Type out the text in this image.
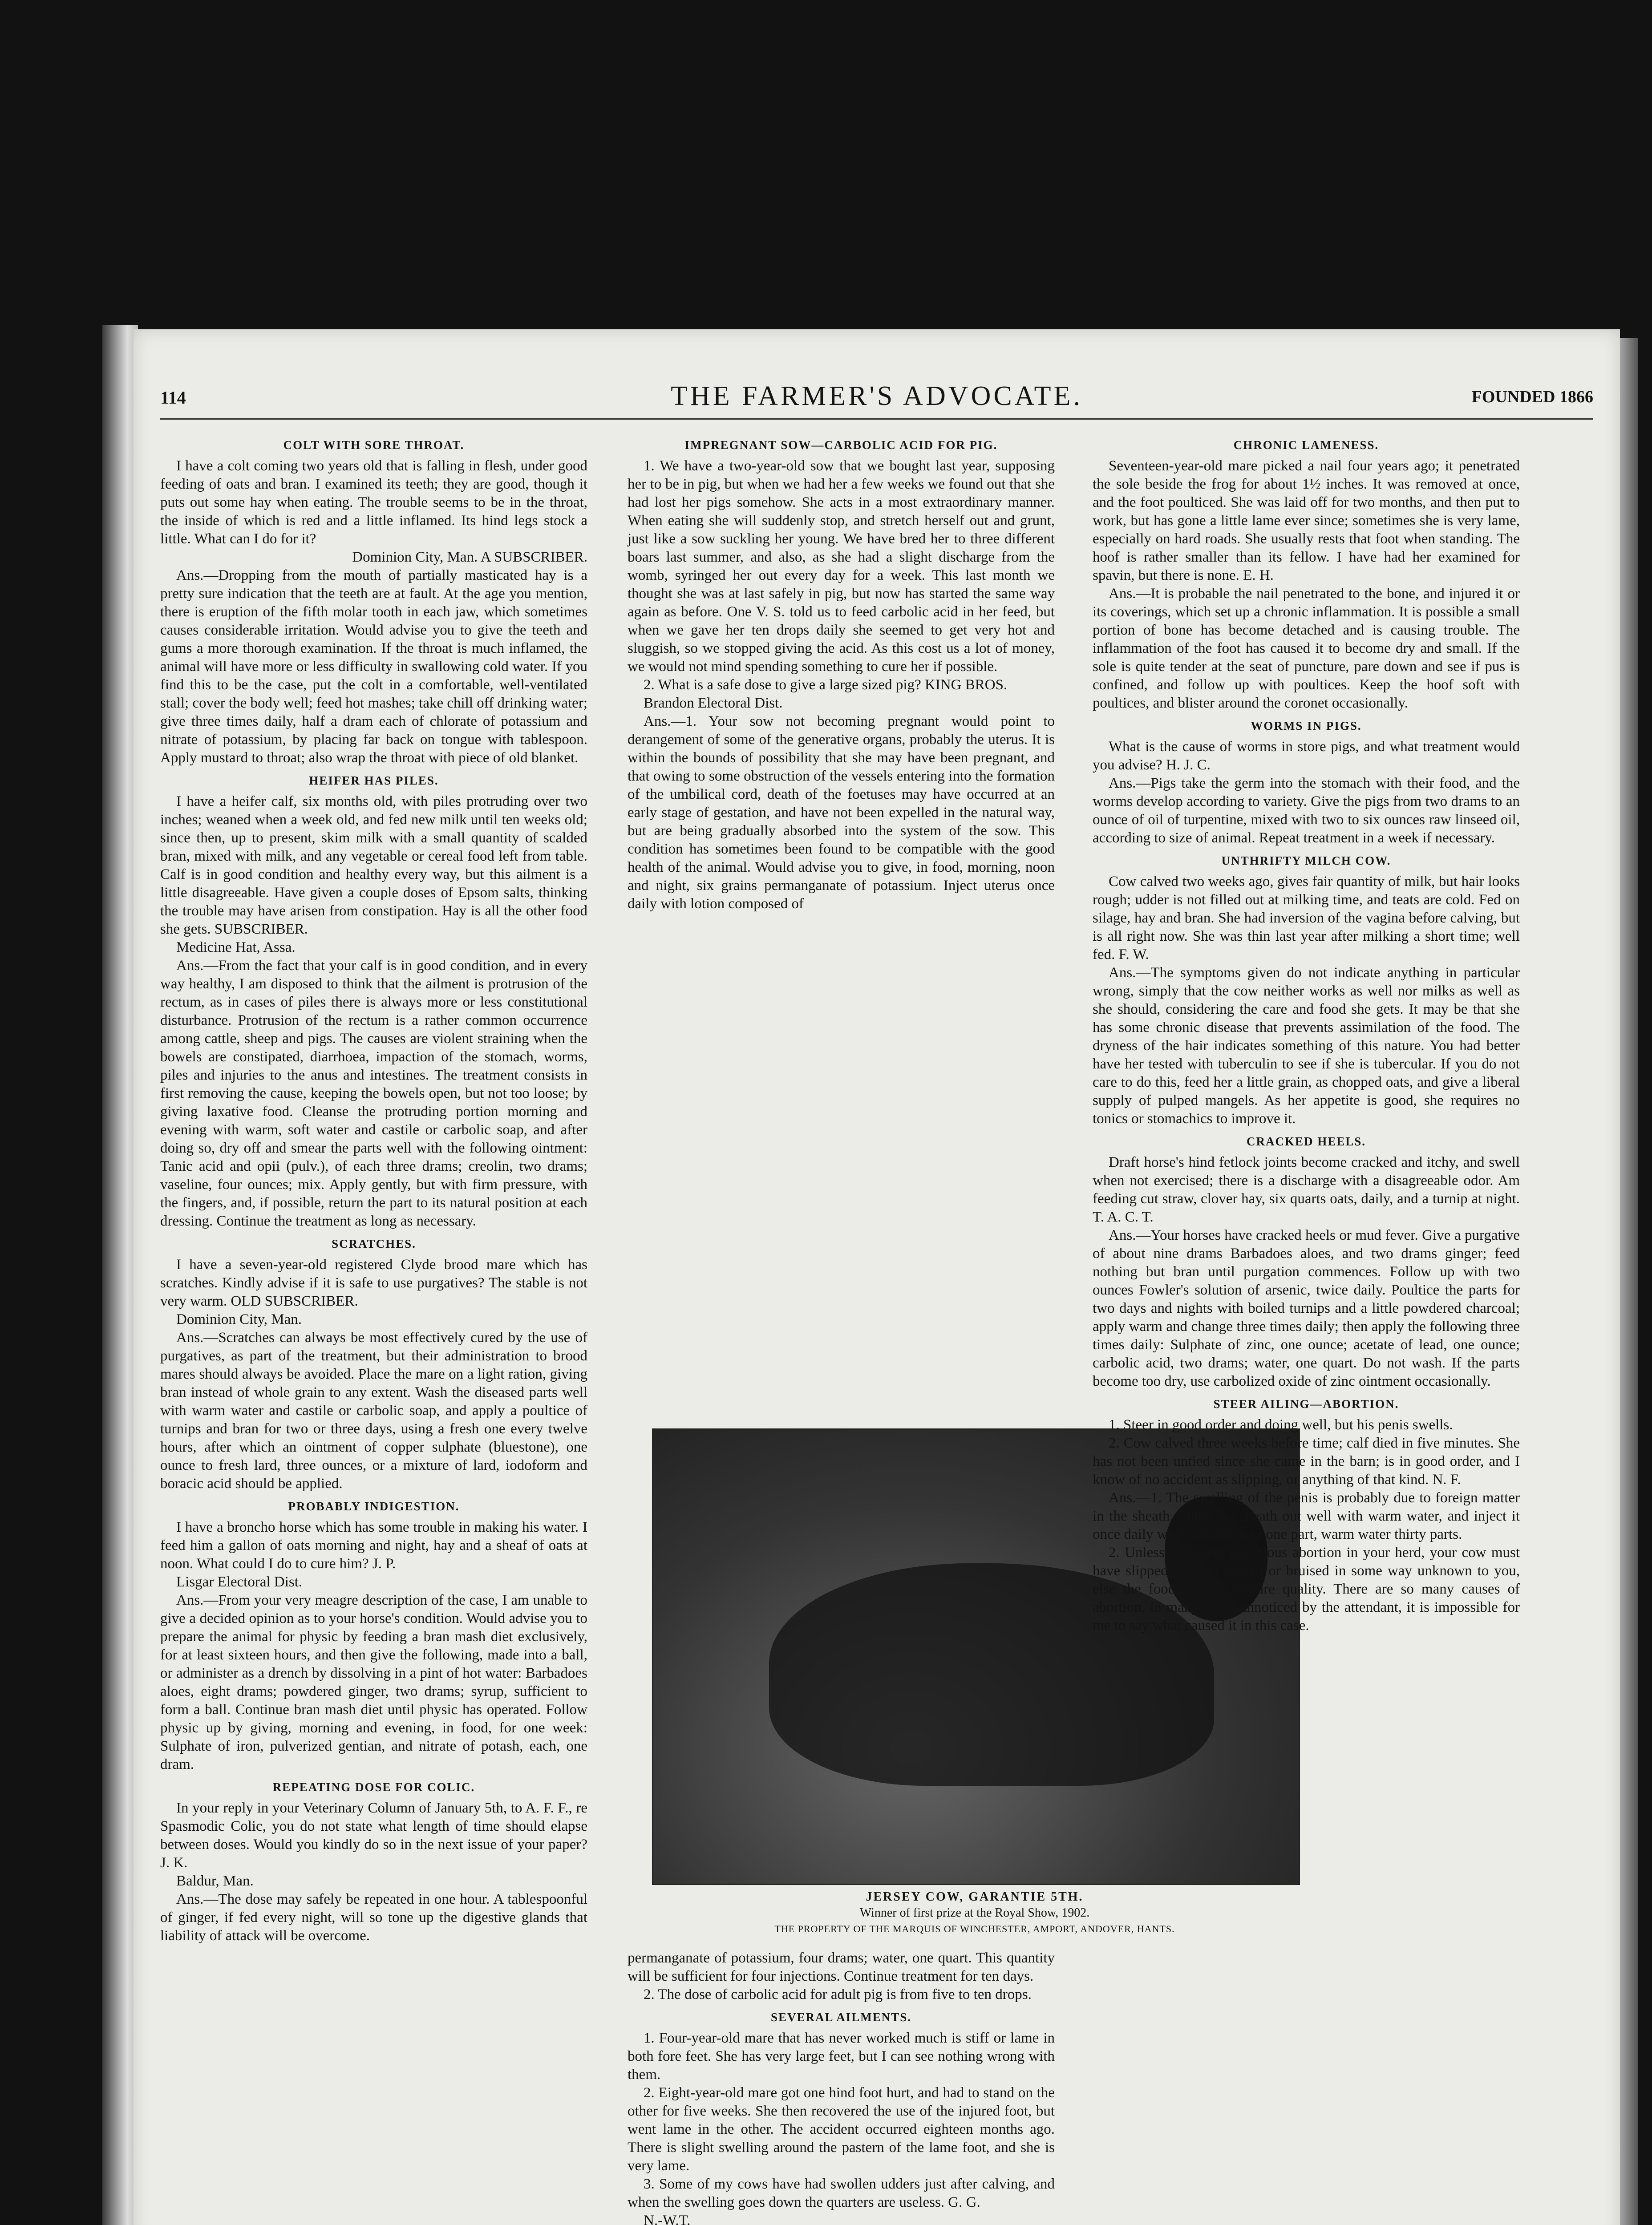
114	THE FARMER'S ADVOCATE.	FOUNDED 1866
COLT WITH SORE THROAT.

I have a colt coming two years old that is falling in flesh, under good feeding of oats and bran. I examined its teeth; they are good, though it puts out some hay when eating. The trouble seems to be in the throat, the inside of which is red and a little inflamed. Its hind legs stock a little. What can I do for it?

Dominion City, Man. A SUBSCRIBER.

Ans.—Dropping from the mouth of partially masticated hay is a pretty sure indication that the teeth are at fault. At the age you mention, there is eruption of the fifth molar tooth in each jaw, which sometimes causes considerable irritation. Would advise you to give the teeth and gums a more thorough examination. If the throat is much inflamed, the animal will have more or less difficulty in swallowing cold water. If you find this to be the case, put the colt in a comfortable, well-ventilated stall; cover the body well; feed hot mashes; take chill off drinking water; give three times daily, half a dram each of chlorate of potassium and nitrate of potassium, by placing far back on tongue with tablespoon. Apply mustard to throat; also wrap the throat with piece of old blanket.

HEIFER HAS PILES.

I have a heifer calf, six months old, with piles protruding over two inches; weaned when a week old, and fed new milk until ten weeks old; since then, up to present, skim milk with a small quantity of scalded bran, mixed with milk, and any vegetable or cereal food left from table. Calf is in good condition and healthy every way, but this ailment is a little disagreeable. Have given a couple doses of Epsom salts, thinking the trouble may have arisen from constipation. Hay is all the other food she gets. SUBSCRIBER.

Medicine Hat, Assa.

Ans.—From the fact that your calf is in good condition, and in every way healthy, I am disposed to think that the ailment is protrusion of the rectum, as in cases of piles there is always more or less constitutional disturbance. Protrusion of the rectum is a rather common occurrence among cattle, sheep and pigs. The causes are violent straining when the bowels are constipated, diarrhoea, impaction of the stomach, worms, piles and injuries to the anus and intestines. The treatment consists in first removing the cause, keeping the bowels open, but not too loose; by giving laxative food. Cleanse the protruding portion morning and evening with warm, soft water and castile or carbolic soap, and after doing so, dry off and smear the parts well with the following ointment: Tanic acid and opii (pulv.), of each three drams; creolin, two drams; vaseline, four ounces; mix. Apply gently, but with firm pressure, with the fingers, and, if possible, return the part to its natural position at each dressing. Continue the treatment as long as necessary.

SCRATCHES.

I have a seven-year-old registered Clyde brood mare which has scratches. Kindly advise if it is safe to use purgatives? The stable is not very warm. OLD SUBSCRIBER.

Dominion City, Man.

Ans.—Scratches can always be most effectively cured by the use of purgatives, as part of the treatment, but their administration to brood mares should always be avoided. Place the mare on a light ration, giving bran instead of whole grain to any extent. Wash the diseased parts well with warm water and castile or carbolic soap, and apply a poultice of turnips and bran for two or three days, using a fresh one every twelve hours, after which an ointment of copper sulphate (bluestone), one ounce to fresh lard, three ounces, or a mixture of lard, iodoform and boracic acid should be applied.

PROBABLY INDIGESTION.

I have a broncho horse which has some trouble in making his water. I feed him a gallon of oats morning and night, hay and a sheaf of oats at noon. What could I do to cure him? J. P.

Lisgar Electoral Dist.

Ans.—From your very meagre description of the case, I am unable to give a decided opinion as to your horse's condition. Would advise you to prepare the animal for physic by feeding a bran mash diet exclusively, for at least sixteen hours, and then give the following, made into a ball, or administer as a drench by dissolving in a pint of hot water: Barbadoes aloes, eight drams; powdered ginger, two drams; syrup, sufficient to form a ball. Continue bran mash diet until physic has operated. Follow physic up by giving, morning and evening, in food, for one week: Sulphate of iron, pulverized gentian, and nitrate of potash, each, one dram.

REPEATING DOSE FOR COLIC.

In your reply in your Veterinary Column of January 5th, to A. F. F., re Spasmodic Colic, you do not state what length of time should elapse between doses. Would you kindly do so in the next issue of your paper? J. K.

Baldur, Man.

Ans.—The dose may safely be repeated in one hour. A tablespoonful of ginger, if fed every night, will so tone up the digestive glands that liability of attack will be overcome.

IMPREGNANT SOW—CARBOLIC ACID FOR PIG.

1. We have a two-year-old sow that we bought last year, supposing her to be in pig, but when we had her a few weeks we found out that she had lost her pigs somehow. She acts in a most extraordinary manner. When eating she will suddenly stop, and stretch herself out and grunt, just like a sow suckling her young. We have bred her to three different boars last summer, and also, as she had a slight discharge from the womb, syringed her out every day for a week. This last month we thought she was at last safely in pig, but now has started the same way again as before. One V. S. told us to feed carbolic acid in her feed, but when we gave her ten drops daily she seemed to get very hot and sluggish, so we stopped giving the acid. As this cost us a lot of money, we would not mind spending something to cure her if possible.

2. What is a safe dose to give a large sized pig? KING BROS.

Brandon Electoral Dist.

Ans.—1. Your sow not becoming pregnant would point to derangement of some of the generative organs, probably the uterus. It is within the bounds of possibility that she may have been pregnant, and that owing to some obstruction of the vessels entering into the formation of the umbilical cord, death of the foetuses may have occurred at an early stage of gestation, and have not been expelled in the natural way, but are being gradually absorbed into the system of the sow. This condition has sometimes been found to be compatible with the good health of the animal. Would advise you to give, in food, morning, noon and night, six grains permanganate of potassium. Inject uterus once daily with lotion composed of

JERSEY COW, GARANTIE 5TH.
Winner of first prize at the Royal Show, 1902.
THE PROPERTY OF THE MARQUIS OF WINCHESTER, AMPORT, ANDOVER, HANTS.

permanganate of potassium, four drams; water, one quart. This quantity will be sufficient for four injections. Continue treatment for ten days.

2. The dose of carbolic acid for adult pig is from five to ten drops.

SEVERAL AILMENTS.

1. Four-year-old mare that has never worked much is stiff or lame in both fore feet. She has very large feet, but I can see nothing wrong with them.

2. Eight-year-old mare got one hind foot hurt, and had to stand on the other for five weeks. She then recovered the use of the injured foot, but went lame in the other. The accident occurred eighteen months ago. There is slight swelling around the pastern of the lame foot, and she is very lame.

3. Some of my cows have had swollen udders just after calving, and when the swelling goes down the quarters are useless. G. G.

N.-W.T.

CHRONIC LAMENESS.

Seventeen-year-old mare picked a nail four years ago; it penetrated the sole beside the frog for about 1½ inches. It was removed at once, and the foot poulticed. She was laid off for two months, and then put to work, but has gone a little lame ever since; sometimes she is very lame, especially on hard roads. She usually rests that foot when standing. The hoof is rather smaller than its fellow. I have had her examined for spavin, but there is none. E. H.

Ans.—It is probable the nail penetrated to the bone, and injured it or its coverings, which set up a chronic inflammation. It is possible a small portion of bone has become detached and is causing trouble. The inflammation of the foot has caused it to become dry and small. If the sole is quite tender at the seat of puncture, pare down and see if pus is confined, and follow up with poultices. Keep the hoof soft with poultices, and blister around the coronet occasionally.

WORMS IN PIGS.

What is the cause of worms in store pigs, and what treatment would you advise? H. J. C.

Ans.—Pigs take the germ into the stomach with their food, and the worms develop according to variety. Give the pigs from two drams to an ounce of oil of turpentine, mixed with two to six ounces raw linseed oil, according to size of animal. Repeat treatment in a week if necessary.

UNTHRIFTY MILCH COW.

Cow calved two weeks ago, gives fair quantity of milk, but hair looks rough; udder is not filled out at milking time, and teats are cold. Fed on silage, hay and bran. She had inversion of the vagina before calving, but is all right now. She was thin last year after milking a short time; well fed. F. W.

Ans.—The symptoms given do not indicate anything in particular wrong, simply that the cow neither works as well nor milks as well as she should, considering the care and food she gets. It may be that she has some chronic disease that prevents assimilation of the food. The dryness of the hair indicates something of this nature. You had better have her tested with tuberculin to see if she is tubercular. If you do not care to do this, feed her a little grain, as chopped oats, and give a liberal supply of pulped mangels. As her appetite is good, she requires no tonics or stomachics to improve it.

CRACKED HEELS.

Draft horse's hind fetlock joints become cracked and itchy, and swell when not exercised; there is a discharge with a disagreeable odor. Am feeding cut straw, clover hay, six quarts oats, daily, and a turnip at night. T. A. C. T.

Ans.—Your horses have cracked heels or mud fever. Give a purgative of about nine drams Barbadoes aloes, and two drams ginger; feed nothing but bran until purgation commences. Follow up with two ounces Fowler's solution of arsenic, twice daily. Poultice the parts for two days and nights with boiled turnips and a little powdered charcoal; apply warm and change three times daily; then apply the following three times daily: Sulphate of zinc, one ounce; acetate of lead, one ounce; carbolic acid, two drams; water, one quart. Do not wash. If the parts become too dry, use carbolized oxide of zinc ointment occasionally.

STEER AILING—ABORTION.

1. Steer in good order and doing well, but his penis swells.

2. Cow calved three weeks before time; calf died in five minutes. She has not been untied since she came in the barn; is in good order, and I know of no accident as slipping, or anything of that kind. N. F.

Ans.—1. The swelling of the penis is probably due to foreign matter in the sheath. Flush the sheath out well with warm water, and inject it once daily with carbolic acid one part, warm water thirty parts.

2. Unless you have infectious abortion in your herd, your cow must have slipped or been kicked or bruised in some way unknown to you, else the food was of impure quality. There are so many causes of abortion, in many cases unnoticed by the attendant, it is impossible for me to say what caused it in this case.
